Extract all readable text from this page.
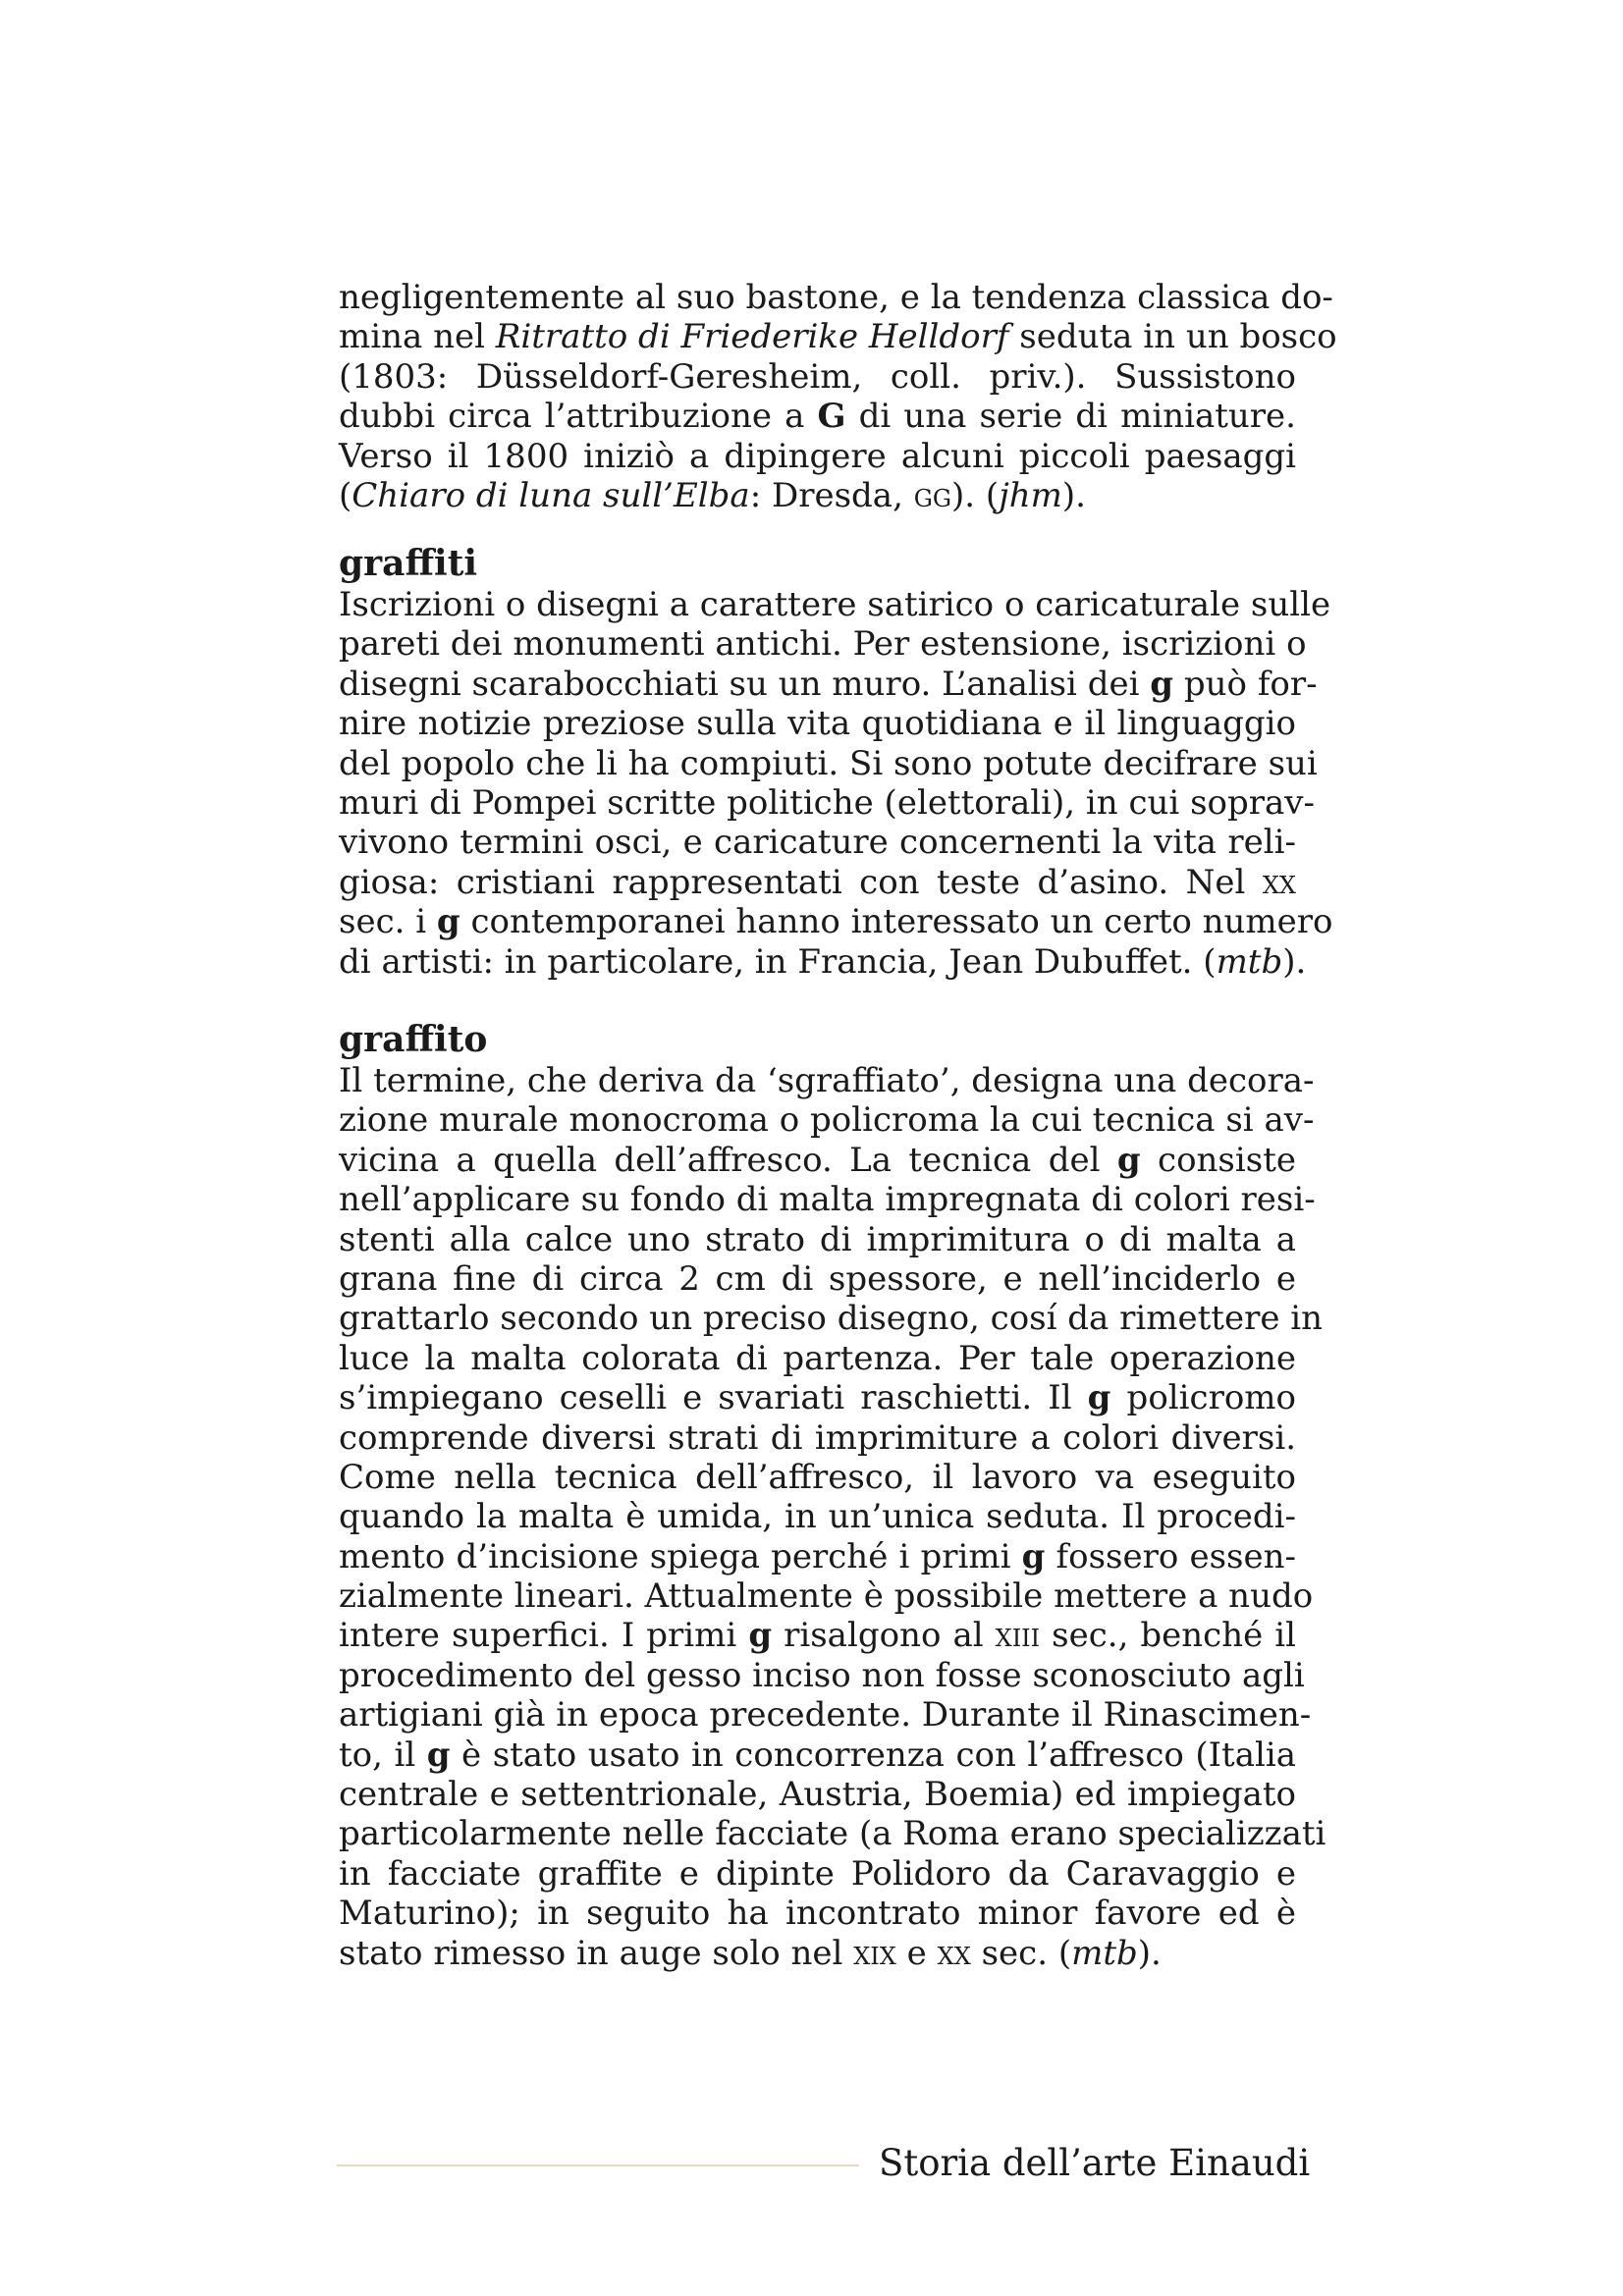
negligentemente al suo bastone, e la tendenza classica do-
mina nel Ritratto di Friederike Helldorf seduta in un bosco
(1803: Düsseldorf-Geresheim, coll. priv.). Sussistono
dubbi circa l’attribuzione a G di una serie di miniature.
Verso il 1800 iniziò a dipingere alcuni piccoli paesaggi
(Chiaro di luna sull’Elba: Dresda, gg). (jhm).
graffiti
Iscrizioni o disegni a carattere satirico o caricaturale sulle
pareti dei monumenti antichi. Per estensione, iscrizioni o
disegni scarabocchiati su un muro. L’analisi dei g può for-
nire notizie preziose sulla vita quotidiana e il linguaggio
del popolo che li ha compiuti. Si sono potute decifrare sui
muri di Pompei scritte politiche (elettorali), in cui soprav-
vivono termini osci, e caricature concernenti la vita reli-
giosa: cristiani rappresentati con teste d’asino. Nel xx
sec. i g contemporanei hanno interessato un certo numero
di artisti: in particolare, in Francia, Jean Dubuffet. (mtb).
graffito
Il termine, che deriva da ‘sgraffiato’, designa una decora-
zione murale monocroma o policroma la cui tecnica si av-
vicina a quella dell’affresco. La tecnica del g consiste
nell’applicare su fondo di malta impregnata di colori resi-
stenti alla calce uno strato di imprimitura o di malta a
grana fine di circa 2 cm di spessore, e nell’inciderlo e
grattarlo secondo un preciso disegno, cosí da rimettere in
luce la malta colorata di partenza. Per tale operazione
s’impiegano ceselli e svariati raschietti. Il g policromo
comprende diversi strati di imprimiture a colori diversi.
Come nella tecnica dell’affresco, il lavoro va eseguito
quando la malta è umida, in un’unica seduta. Il procedi-
mento d’incisione spiega perché i primi g fossero essen-
zialmente lineari. Attualmente è possibile mettere a nudo
intere superfici. I primi g risalgono al xiii sec., benché il
procedimento del gesso inciso non fosse sconosciuto agli
artigiani già in epoca precedente. Durante il Rinascimen-
to, il g è stato usato in concorrenza con l’affresco (Italia
centrale e settentrionale, Austria, Boemia) ed impiegato
particolarmente nelle facciate (a Roma erano specializzati
in facciate graffite e dipinte Polidoro da Caravaggio e
Maturino); in seguito ha incontrato minor favore ed è
stato rimesso in auge solo nel xix e xx sec. (mtb).
Storia dell’arte Einaudi
